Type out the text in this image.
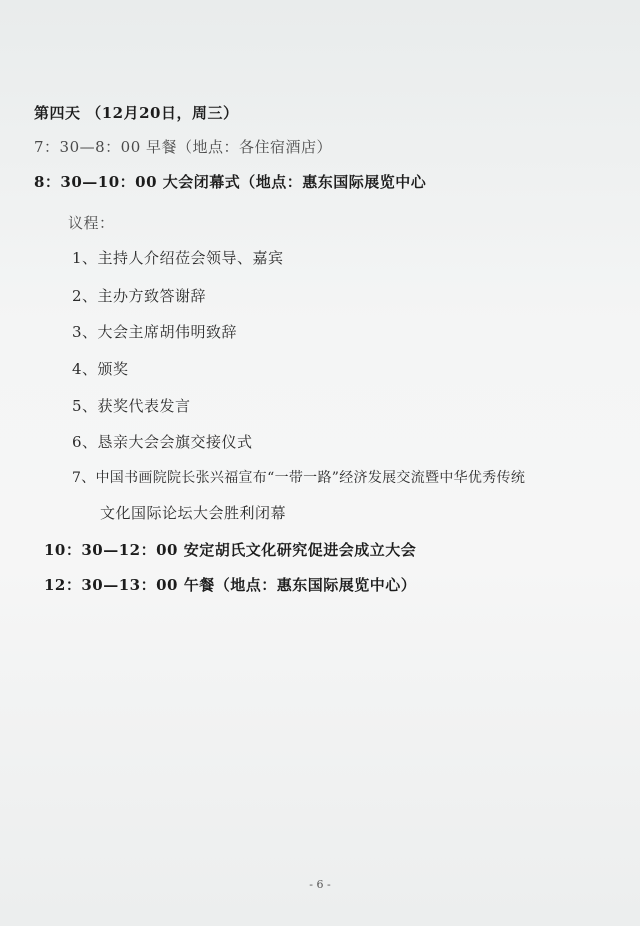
第四天 （12月20日，周三）
7：30—8：00 早餐（地点：各住宿酒店）
8：30—10：00 大会闭幕式（地点：惠东国际展览中心
议程：
1、主持人介绍莅会领导、嘉宾
2、主办方致答谢辞
3、大会主席胡伟明致辞
4、颁奖
5、获奖代表发言
6、恳亲大会会旗交接仪式
7、中国书画院院长张兴福宣布“一带一路”经济发展交流暨中华优秀传统
文化国际论坛大会胜利闭幕
10：30—12：00 安定胡氏文化研究促进会成立大会
12：30—13：00 午餐（地点：惠东国际展览中心）
- 6 -
